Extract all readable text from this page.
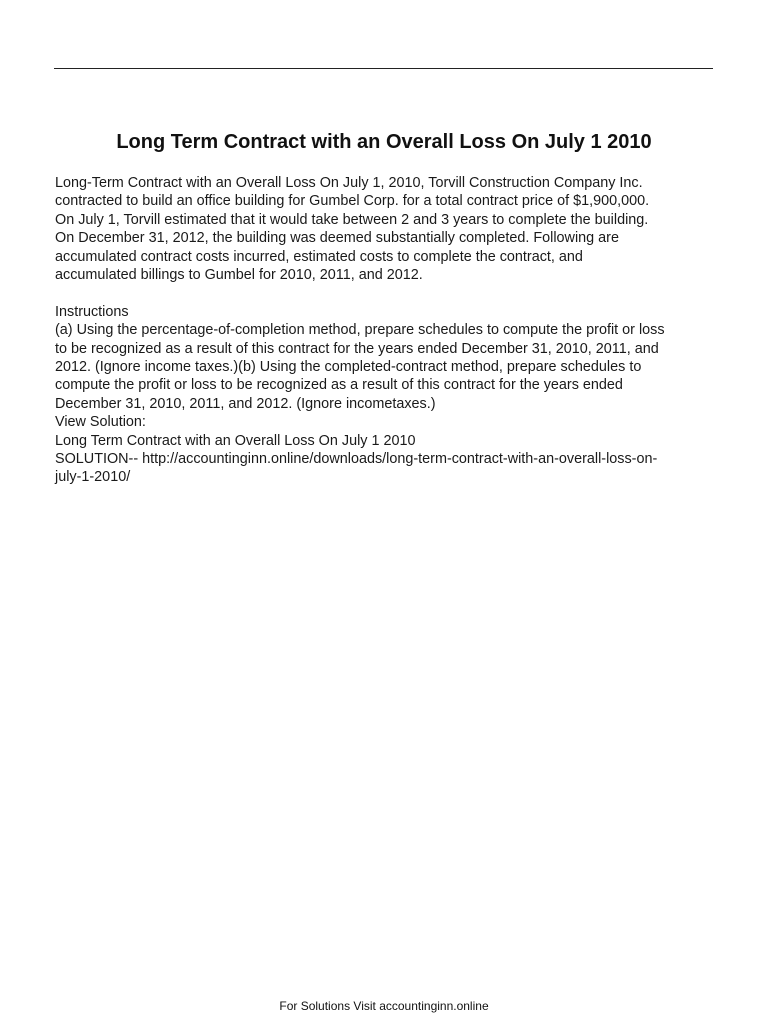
Long Term Contract with an Overall Loss On July 1 2010

Long-Term Contract with an Overall Loss On July 1, 2010, Torvill Construction Company Inc.
contracted to build an office building for Gumbel Corp. for a total contract price of $1,900,000.
On July 1, Torvill estimated that it would take between 2 and 3 years to complete the building.
On December 31, 2012, the building was deemed substantially completed. Following are
accumulated contract costs incurred, estimated costs to complete the contract, and
accumulated billings to Gumbel for 2010, 2011, and 2012.

Instructions
(a) Using the percentage-of-completion method, prepare schedules to compute the profit or loss
to be recognized as a result of this contract for the years ended December 31, 2010, 2011, and
2012. (Ignore income taxes.)(b) Using the completed-contract method, prepare schedules to
compute the profit or loss to be recognized as a result of this contract for the years ended
December 31, 2010, 2011, and 2012. (Ignore incometaxes.)
View Solution:
Long Term Contract with an Overall Loss On July 1 2010
SOLUTION-- http://accountinginn.online/downloads/long-term-contract-with-an-overall-loss-on-
july-1-2010/

For Solutions Visit accountinginn.online
